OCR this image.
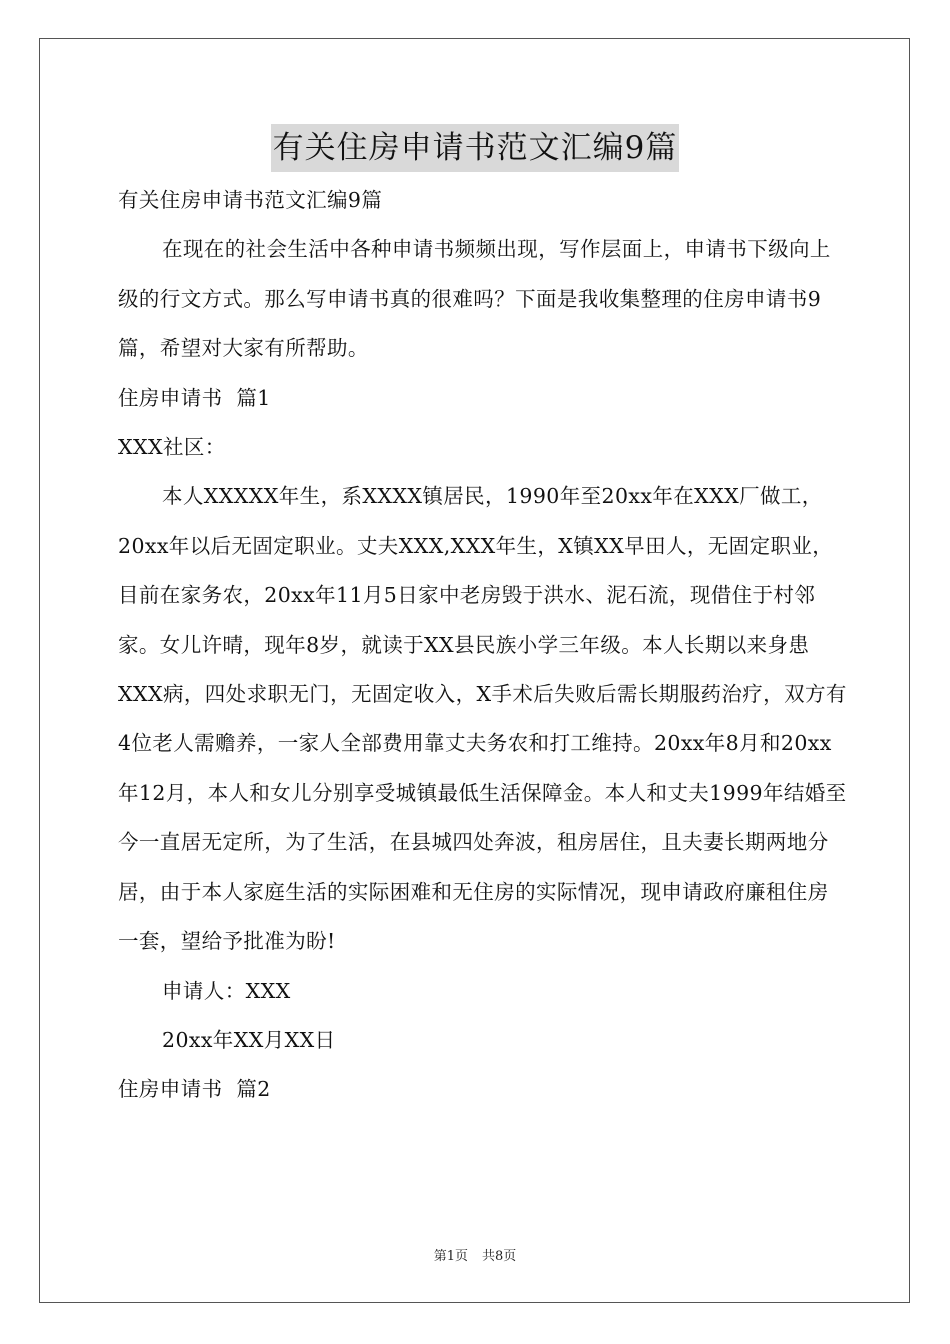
有关住房申请书范文汇编9篇

有关住房申请书范文汇编9篇

在现在的社会生活中各种申请书频频出现，写作层面上，申请书下级向上级的行文方式。那么写申请书真的很难吗？下面是我收集整理的住房申请书9篇，希望对大家有所帮助。

住房申请书  篇1

XXX社区：

本人XXXXX年生，系XXXX镇居民，1990年至20xx年在XXX厂做工，20xx年以后无固定职业。丈夫XXX,XXX年生，X镇XX早田人，无固定职业，目前在家务农，20xx年11月5日家中老房毁于洪水、泥石流，现借住于村邻家。女儿许晴，现年8岁，就读于XX县民族小学三年级。本人长期以来身患XXX病，四处求职无门，无固定收入，X手术后失败后需长期服药治疗，双方有4位老人需赡养，一家人全部费用靠丈夫务农和打工维持。20xx年8月和20xx年12月，本人和女儿分别享受城镇最低生活保障金。本人和丈夫1999年结婚至今一直居无定所，为了生活，在县城四处奔波，租房居住，且夫妻长期两地分居，由于本人家庭生活的实际困难和无住房的实际情况，现申请政府廉租住房一套，望给予批准为盼!

申请人：XXX

20xx年XX月XX日

住房申请书  篇2

第1页 共8页
